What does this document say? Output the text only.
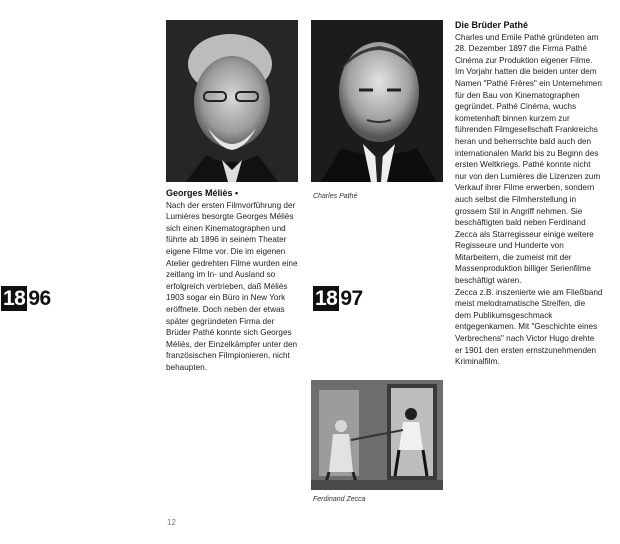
Charles Pathé
Georges Méliès •

Nach der ersten Filmvorführung der Lumières besorgte Georges Méliès sich einen Kinematographen und führte ab 1896 in seinem Theater eigene Filme vor. Die im eigenen Atelier gedrehten Filme wurden eine zeitlang im In- und Ausland so erfolgreich vertrieben, daß Méliès 1903 sogar ein Büro in New York eröffnete. Doch neben der etwas später gegründeten Firma der Brüder Pathé konnte sich Georges Méliès, der Einzelkämpfer unter den französischen Filmpionieren, nicht behaupten.

18 96	18 97
Ferdinand Zecca
Die Brüder Pathé

Charles und Emile Pathé gründeten am 28. Dezember 1897 die Firma Pathé Cinéma zur Produktion eigener Filme. Im Vorjahr hatten die beiden unter dem Namen "Pathé Frères" ein Unternehmen für den Bau von Kinematographen gegründet. Pathé Cinéma, wuchs kometenhaft binnen kurzem zur führenden Filmgesellschaft Frankreichs heran und beherrschte bald auch den internationalen Markt bis zu Beginn des ersten Weltkriegs. Pathé konnte nicht nur von den Lumières die Lizenzen zum Verkauf ihrer Filme erwerben, sondern auch selbst die Filmherstellung in grossem Stil in Angriff nehmen. Sie beschäftigten bald neben Ferdinand Zecca als Starregisseur einige weitere Regisseure und Hunderte von Mitarbeitern, die zumeist mit der Massenproduktion billiger Serienfilme beschäftigt waren.

Zecca z.B. inszenierte wie am Fließband meist melodramatische Streifen, die dem Publikumsgeschmack entgegenkamen. Mit "Geschichte eines Verbrechens" nach Victor Hugo drehte er 1901 den ersten ernstzunehmenden Kriminalfilm.

12
